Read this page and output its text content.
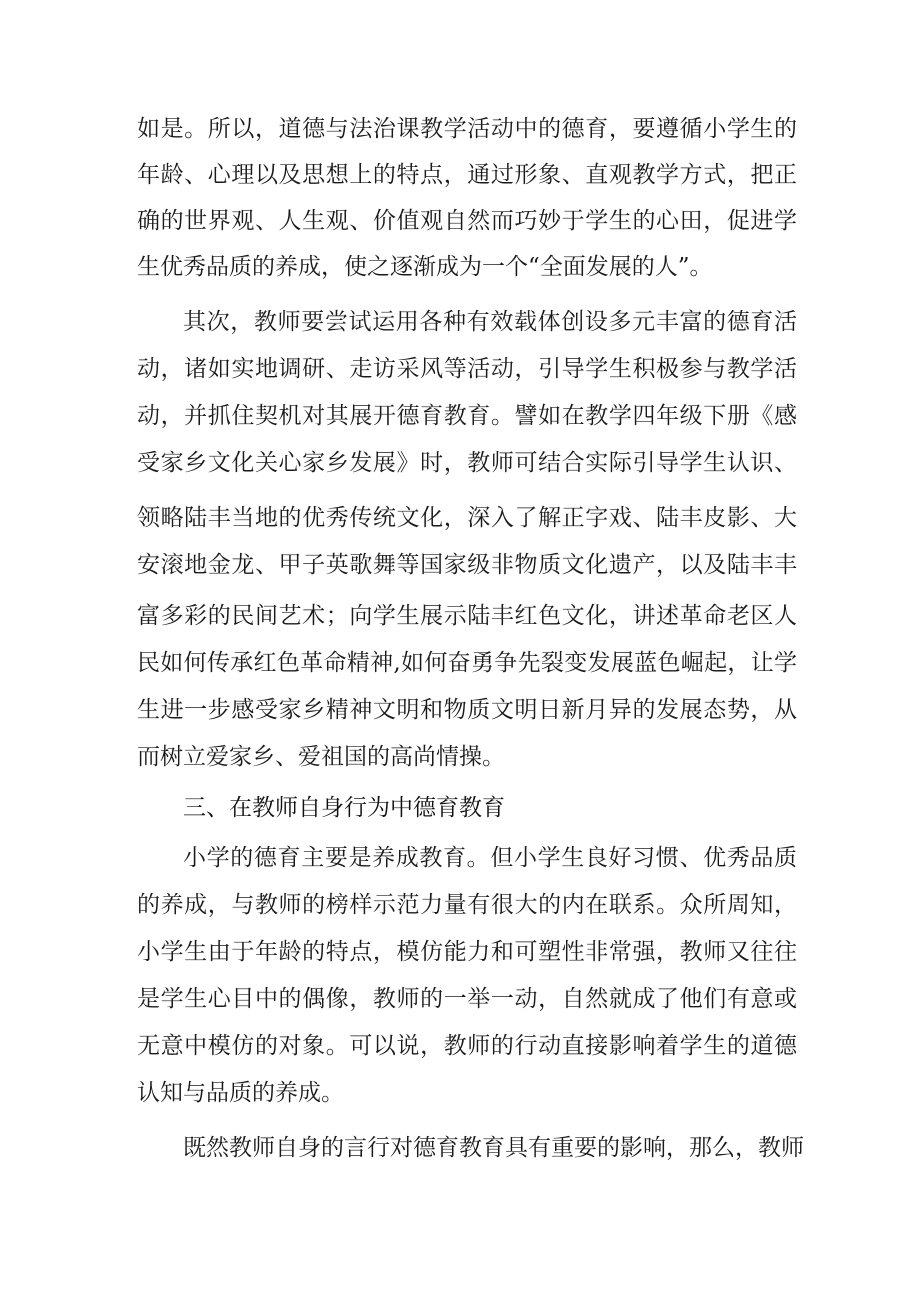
如是。所以，道德与法治课教学活动中的德育，要遵循小学生的
年龄、心理以及思想上的特点，通过形象、直观教学方式，把正
确的世界观、人生观、价值观自然而巧妙于学生的心田，促进学
生优秀品质的养成，使之逐渐成为一个“全面发展的人”。
其次，教师要尝试运用各种有效载体创设多元丰富的德育活
动，诸如实地调研、走访采风等活动，引导学生积极参与教学活
动，并抓住契机对其展开德育教育。譬如在教学四年级下册《感
受家乡文化关心家乡发展》时，教师可结合实际引导学生认识、
领略陆丰当地的优秀传统文化，深入了解正字戏、陆丰皮影、大
安滚地金龙、甲子英歌舞等国家级非物质文化遗产，以及陆丰丰
富多彩的民间艺术；向学生展示陆丰红色文化，讲述革命老区人
民如何传承红色革命精神,如何奋勇争先裂变发展蓝色崛起，让学
生进一步感受家乡精神文明和物质文明日新月异的发展态势，从
而树立爱家乡、爱祖国的高尚情操。
三、在教师自身行为中德育教育
小学的德育主要是养成教育。但小学生良好习惯、优秀品质
的养成，与教师的榜样示范力量有很大的内在联系。众所周知，
小学生由于年龄的特点，模仿能力和可塑性非常强，教师又往往
是学生心目中的偶像，教师的一举一动，自然就成了他们有意或
无意中模仿的对象。可以说，教师的行动直接影响着学生的道德
认知与品质的养成。
既然教师自身的言行对德育教育具有重要的影响，那么，教师
